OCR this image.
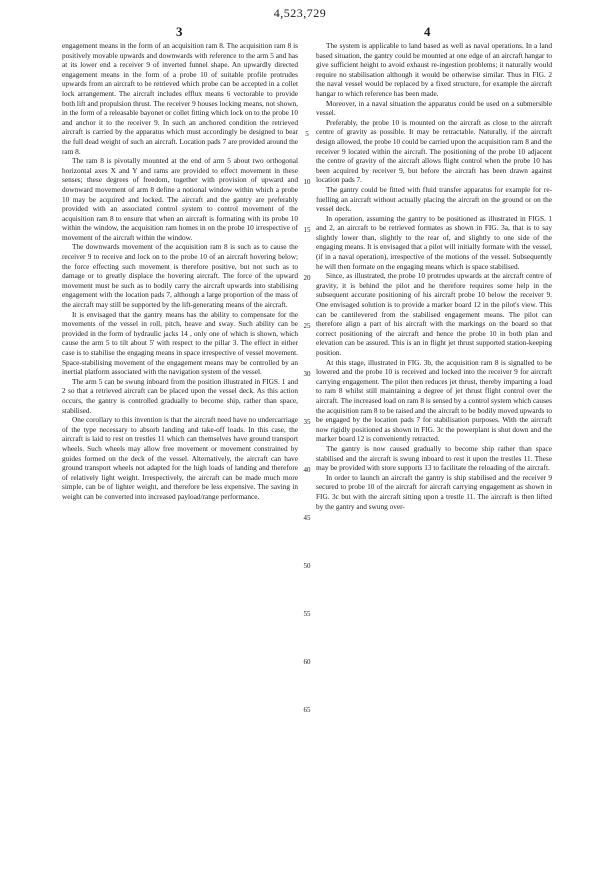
4,523,729
3	4

engagement means in the form of an acquisition ram 8. The acquisition ram 8 is positively movable upwards and downwards with reference to the arm 5 and has at its lower end a receiver 9 of inverted funnel shape. An upwardly directed engagement means in the form of a probe 10 of suitable profile protrudes upwards from an aircraft to be retrieved which probe can be accepted in a collet lock arrangement. The aircraft includes efflux means 6 vectorable to provide both lift and propulsion thrust. The receiver 9 houses locking means, not shown, in the form of a releasable bayonet or collet fitting which lock on to the probe 10 and anchor it to the receiver 9. In such an anchored condition the retrieved aircraft is carried by the apparatus which must accordingly be designed to bear the full dead weight of such an aircraft. Location pads 7 are provided around the ram 8.

The ram 8 is pivotally mounted at the end of arm 5 about two orthogonal horizontal axes X and Y and rams are provided to effect movement in these senses; these degrees of freedom, together with provision of upward and downward movement of arm 8 define a notional window within which a probe 10 may be acquired and locked. The aircraft and the gantry are preferably provided with an associated control system to control movement of the acquisition ram 8 to ensure that when an aircraft is formating with its probe 10 within the window, the acquisition ram homes in on the probe 10 irrespective of movement of the aircraft within the window.

The downwards movement of the acquisition ram 8 is such as to cause the receiver 9 to receive and lock on to the probe 10 of an aircraft hovering below; the force effecting such movement is therefore positive, but not such as to damage or to greatly displace the hovering aircraft. The force of the upward movement must be such as to bodily carry the aircraft upwards into stabilising engagement with the location pads 7, although a large proportion of the mass of the aircraft may still be supported by the lift-generating means of the aircraft.

It is envisaged that the gantry means has the ability to compensate for the movements of the vessel in roll, pitch, heave and sway. Such ability can be provided in the form of hydraulic jacks 14 , only one of which is shown, which cause the arm 5 to tilt about 5' with respect to the pillar 3. The effect in either case is to stabilise the engaging means in space irrespective of vessel movement. Space-stabilising movement of the engagement means may be controlled by an inertial platform associated with the navigation system of the vessel.

The arm 5 can be swung inboard from the position illustrated in FIGS. 1 and 2 so that a retrieved aircraft can be placed upon the vessel deck. As this action occurs, the gantry is controlled gradually to become ship, rather than space, stabilised.

One corollary to this invention is that the aircraft need have no undercarriage of the type necessary to absorb landing and take-off loads. In this case, the aircraft is laid to rest on trestles 11 which can themselves have ground transport wheels. Such wheels may allow free movement or movement constrained by guides formed on the deck of the vessel. Alternatively, the aircraft can have ground transport wheels not adapted for the high loads of landing and therefore of relatively light weight. Irrespectively, the aircraft can be made much more simple, can be of lighter weight, and therefore be less expensive. The saving in weight can be converted into increased payload/range performance.

5
10
15
20
25
30
35
40
45
50
55
60
65

The system is applicable to land based as well as naval operations. In a land based situation, the gantry could be mounted at one edge of an aircraft hangar to give sufficient height to avoid exhaust re-ingestion problems; it naturally would require no stabilisation although it would be otherwise similar. Thus in FIG. 2 the naval vessel would be replaced by a fixed structure, for example the aircraft hangar to which reference has been made.

Moreover, in a naval situation the apparatus could be used on a submersible vessel.

Preferably, the probe 10 is mounted on the aircraft as close to the aircraft centre of gravity as possible. It may be retractable. Naturally, if the aircraft design allowed, the probe 10 could be carried upon the acquisition ram 8 and the receiver 9 located within the aircraft. The positioning of the probe 10 adjacent the centre of gravity of the aircraft allows flight control when the probe 10 has been acquired by receiver 9, but before the aircraft has been drawn against location pads 7.

The gantry could be fitted with fluid transfer apparatus for example for re-fuelling an aircraft without actually placing the aircraft on the ground or on the vessel deck.

In operation, assuming the gantry to be positioned as illustrated in FIGS. 1 and 2, an aircraft to be retrieved formates as shown in FIG. 3a, that is to say slightly lower than, slightly to the rear of, and slightly to one side of the engaging means. It is envisaged that a pilot will initially formate with the vessel, (if in a naval operation), irrespective of the motions of the vessel. Subsequently he will then formate on the engaging means which is space stabilised.

Since, as illustrated, the probe 10 protrudes upwards at the aircraft centre of gravity, it is behind the pilot and he therefore requires some help in the subsequent accurate positioning of his aircraft probe 10 below the receiver 9. One envisaged solution is to provide a marker board 12 in the pilot's view. This can be cantilevered from the stabilised engagement means. The pilot can therefore align a part of his aircraft with the markings on the board so that correct positioning of the aircraft and hence the probe 10 in both plan and elevation can be assured. This is an in flight jet thrust supported station-keeping position.

At this stage, illustrated in FIG. 3b, the acquisition ram 8 is signalled to be lowered and the probe 10 is received and locked into the receiver 9 for aircraft carrying engagement. The pilot then reduces jet thrust, thereby imparting a load to ram 8 whilst still maintaining a degree of jet thrust flight control over the aircraft. The increased load on ram 8 is sensed by a control system which causes the acquisition ram 8 to be raised and the aircraft to be bodily moved upwards to be engaged by the location pads 7 for stabilisation purposes. With the aircraft now rigidly positioned as shown in FIG. 3c the powerplant is shut down and the marker board 12 is conveniently retracted.

The gantry is now caused gradually to become ship rather than space stabilised and the aircraft is swung inboard to rest it upon the trestles 11. These may be provided with store supports 13 to facilitate the reloading of the aircraft.

In order to launch an aircraft the gantry is ship stabilised and the receiver 9 secured to probe 10 of the aircraft for aircraft carrying engagement as shown in FIG. 3c but with the aircraft sitting upon a trestle 11. The aircraft is then lifted by the gantry and swung over-
